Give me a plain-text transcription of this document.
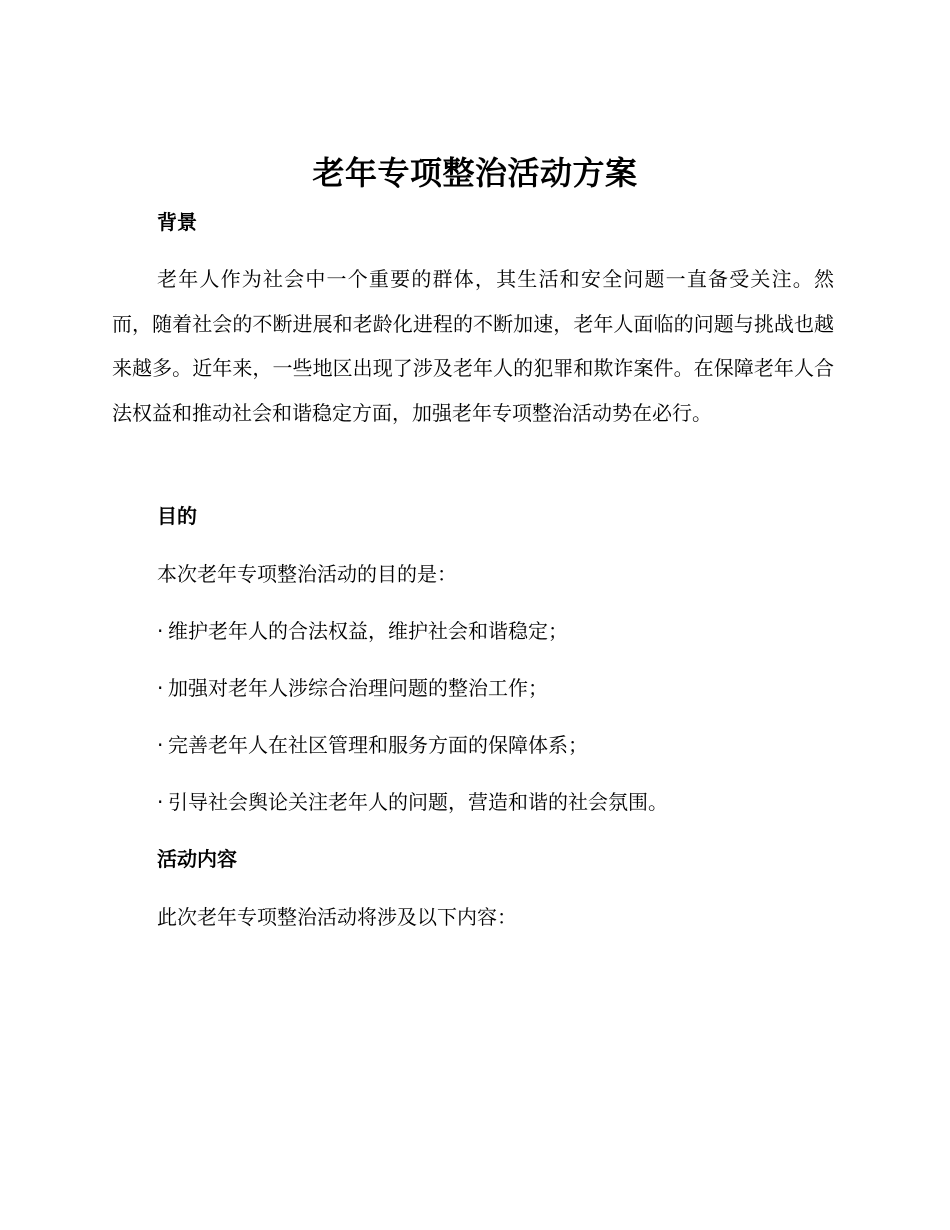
老年专项整治活动方案
背景

老年人作为社会中一个重要的群体，其生活和安全问题一直备受关注。然而，随着社会的不断进展和老龄化进程的不断加速，老年人面临的问题与挑战也越来越多。近年来，一些地区出现了涉及老年人的犯罪和欺诈案件。在保障老年人合法权益和推动社会和谐稳定方面，加强老年专项整治活动势在必行。

目的
本次老年专项整治活动的目的是：
· 维护老年人的合法权益，维护社会和谐稳定；
· 加强对老年人涉综合治理问题的整治工作；
· 完善老年人在社区管理和服务方面的保障体系；
· 引导社会舆论关注老年人的问题，营造和谐的社会氛围。
活动内容
此次老年专项整治活动将涉及以下内容：
